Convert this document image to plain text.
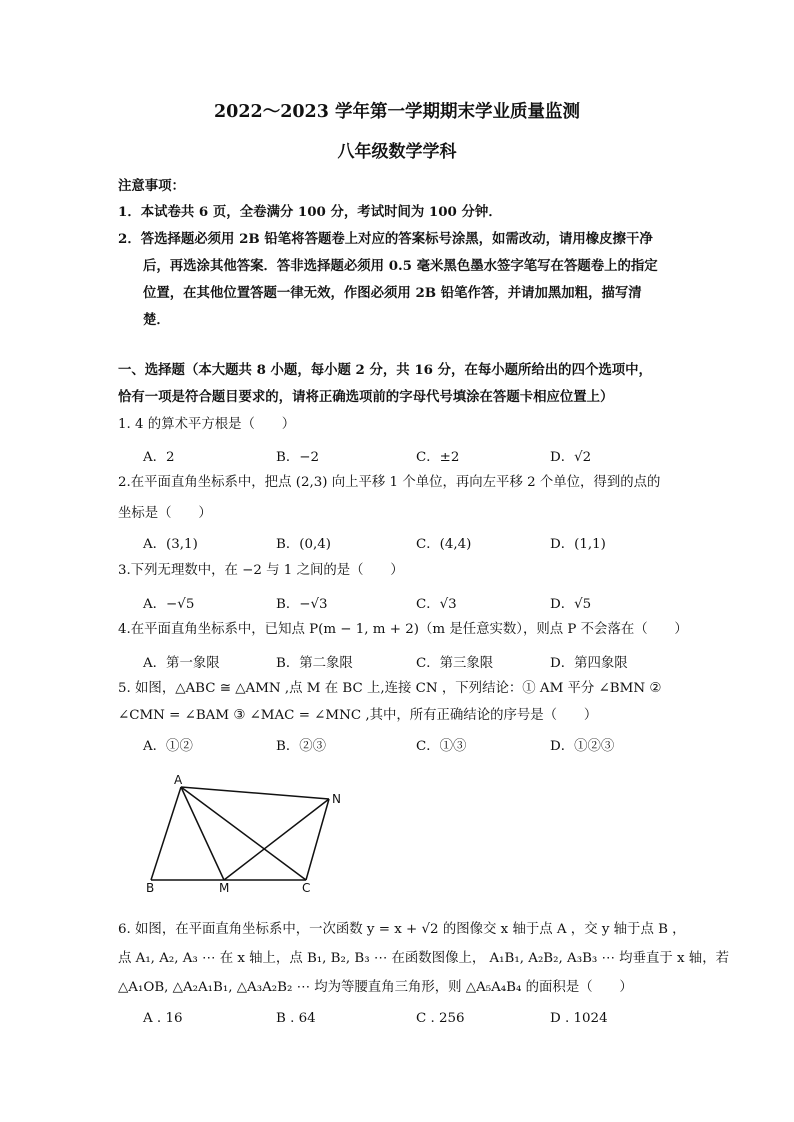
2022～2023 学年第一学期期末学业质量监测
八年级数学学科
注意事项：
1．本试卷共 6 页，全卷满分 100 分，考试时间为 100 分钟．
2．答选择题必须用 2B 铅笔将答题卷上对应的答案标号涂黑，如需改动，请用橡皮擦干净
后，再选涂其他答案．答非选择题必须用 0.5 毫米黑色墨水签字笔写在答题卷上的指定
位置，在其他位置答题一律无效，作图必须用 2B 铅笔作答，并请加黑加粗，描写清
楚．
一、选择题（本大题共 8 小题，每小题 2 分，共 16 分，在每小题所给出的四个选项中，
恰有一项是符合题目要求的，请将正确选项前的字母代号填涂在答题卡相应位置上）
1. 4 的算术平方根是（　　）
A．2	B．−2	C．±2	D．√2
2.在平面直角坐标系中，把点 (2,3) 向上平移 1 个单位，再向左平移 2 个单位，得到的点的
坐标是（　　）
A．(3,1)	B．(0,4)	C．(4,4)	D．(1,1)
3.下列无理数中，在 −2 与 1 之间的是（　　）
A．−√5	B．−√3	C．√3	D．√5
4.在平面直角坐标系中，已知点 P(m − 1, m + 2)（m 是任意实数），则点 P 不会落在（　　）
A．第一象限	B．第二象限	C．第三象限	D．第四象限
5. 如图，△ABC ≅ △AMN ,点 M 在 BC 上,连接 CN ，下列结论：① AM 平分 ∠BMN ②
∠CMN = ∠BAM ③ ∠MAC = ∠MNC ,其中，所有正确结论的序号是（　　）
A．①②	B．②③	C．①③	D．①②③
A
N
B	M	C
6. 如图，在平面直角坐标系中，一次函数 y = x + √2 的图像交 x 轴于点 A ，交 y 轴于点 B ，
点 A₁, A₂, A₃ ⋯ 在 x 轴上，点 B₁, B₂, B₃ ⋯ 在函数图像上， A₁B₁, A₂B₂, A₃B₃ ⋯ 均垂直于 x 轴，若
△A₁OB, △A₂A₁B₁, △A₃A₂B₂ ⋯ 均为等腰直角三角形，则 △A₅A₄B₄ 的面积是（　　）
A . 16	B . 64	C . 256	D . 1024
